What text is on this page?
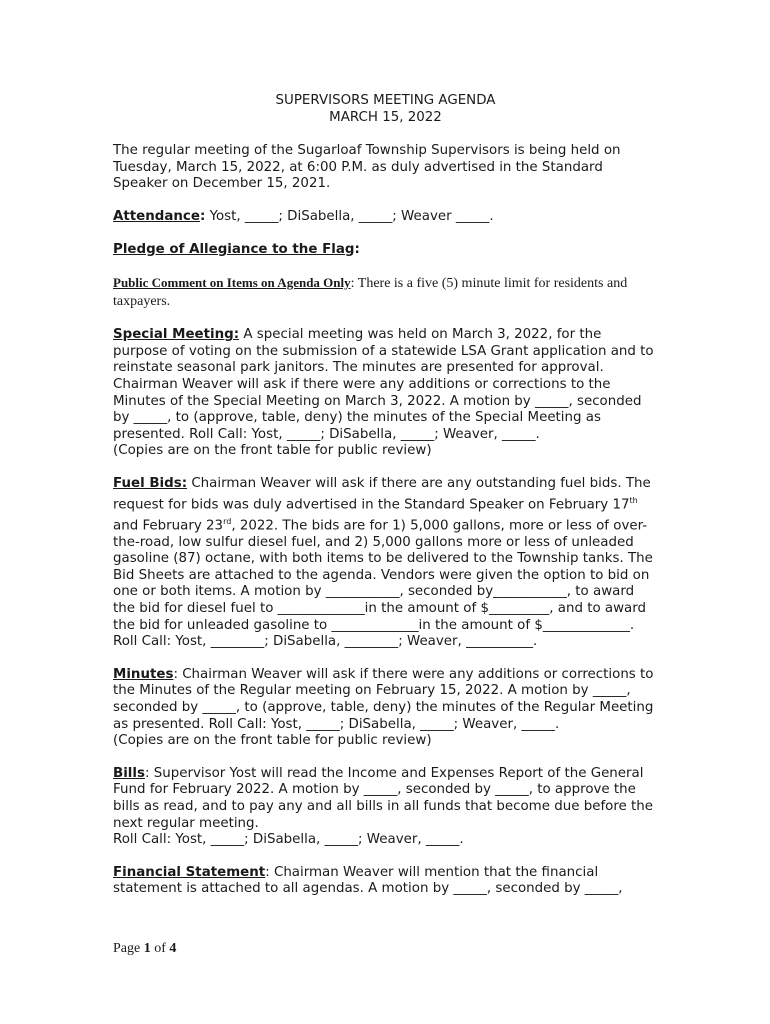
SUPERVISORS MEETING AGENDA

MARCH 15, 2022

The regular meeting of the Sugarloaf Township Supervisors is being held on Tuesday, March 15, 2022, at 6:00 P.M. as duly advertised in the Standard Speaker on December 15, 2021.

Attendance: Yost, _____; DiSabella, _____; Weaver _____.

Pledge of Allegiance to the Flag:

Public Comment on Items on Agenda Only: There is a five (5) minute limit for residents and taxpayers.

Special Meeting: A special meeting was held on March 3, 2022, for the purpose of voting on the submission of a statewide LSA Grant application and to reinstate seasonal park janitors. The minutes are presented for approval. Chairman Weaver will ask if there were any additions or corrections to the Minutes of the Special Meeting on March 3, 2022. A motion by _____, seconded by _____, to (approve, table, deny) the minutes of the Special Meeting as presented. Roll Call: Yost, _____; DiSabella, _____; Weaver, _____.
(Copies are on the front table for public review)

Fuel Bids: Chairman Weaver will ask if there are any outstanding fuel bids. The request for bids was duly advertised in the Standard Speaker on February 17th and February 23rd, 2022. The bids are for 1) 5,000 gallons, more or less of over-the-road, low sulfur diesel fuel, and 2) 5,000 gallons more or less of unleaded gasoline (87) octane, with both items to be delivered to the Township tanks. The Bid Sheets are attached to the agenda. Vendors were given the option to bid on one or both items. A motion by ___________, seconded by___________, to award the bid for diesel fuel to _____________in the amount of $_________, and to award the bid for unleaded gasoline to _____________in the amount of $_____________.
Roll Call: Yost, ________; DiSabella, ________; Weaver, __________.

Minutes: Chairman Weaver will ask if there were any additions or corrections to the Minutes of the Regular meeting on February 15, 2022. A motion by _____, seconded by _____, to (approve, table, deny) the minutes of the Regular Meeting as presented. Roll Call: Yost, _____; DiSabella, _____; Weaver, _____.
(Copies are on the front table for public review)

Bills: Supervisor Yost will read the Income and Expenses Report of the General Fund for February 2022. A motion by _____, seconded by _____, to approve the bills as read, and to pay any and all bills in all funds that become due before the next regular meeting.
Roll Call: Yost, _____; DiSabella, _____; Weaver, _____.

Financial Statement: Chairman Weaver will mention that the financial statement is attached to all agendas. A motion by _____, seconded by _____,

Page 1 of 4
